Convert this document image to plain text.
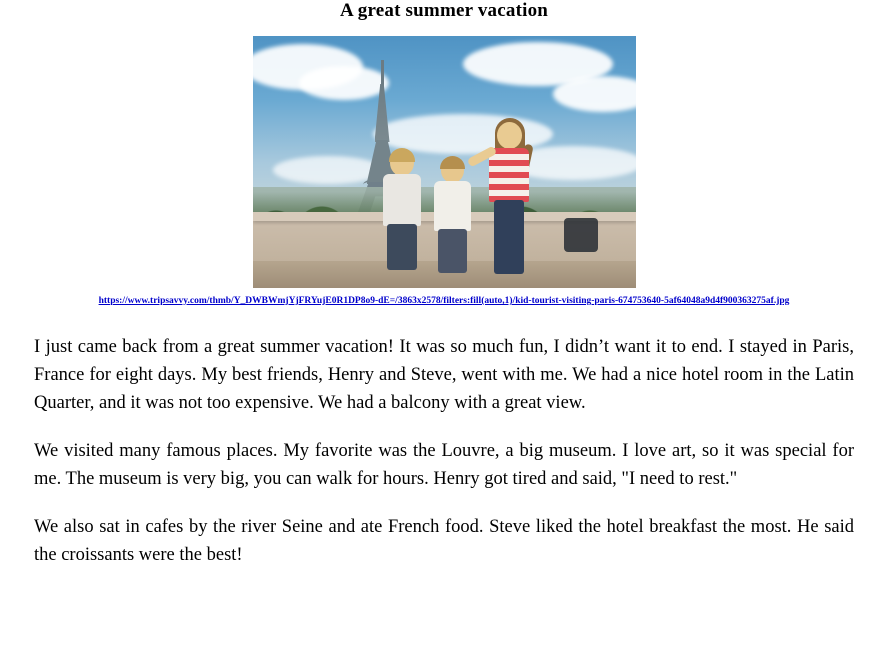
A great summer vacation
https://www.tripsavvy.com/thmb/Y_DWBWmjYjFRYujE0R1DP8o9-dE=/3863x2578/filters:fill(auto,1)/kid-tourist-visiting-paris-674753640-5af64048a9d4f900363275af.jpg

I just came back from a great summer vacation! It was so much fun, I didn’t want it to end. I stayed in Paris, France for eight days. My best friends, Henry and Steve, went with me. We had a nice hotel room in the Latin Quarter, and it was not too expensive. We had a balcony with a great view.

We visited many famous places. My favorite was the Louvre, a big museum. I love art, so it was special for me. The museum is very big, you can walk for hours. Henry got tired and said, "I need to rest."

We also sat in cafes by the river Seine and ate French food. Steve liked the hotel breakfast the most. He said the croissants were the best!
